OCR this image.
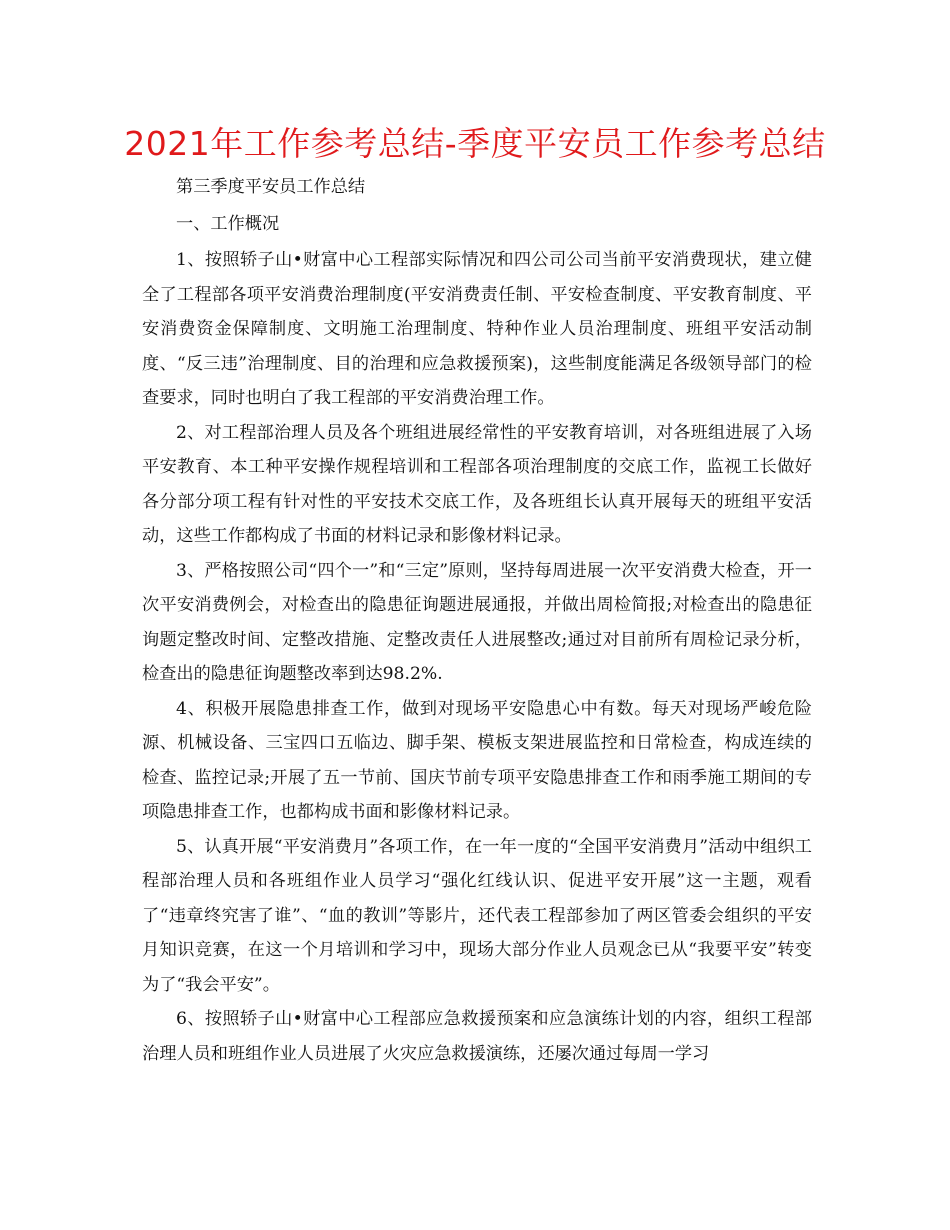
2021年工作参考总结-季度平安员工作参考总结

第三季度平安员工作总结

一、工作概况

1、按照轿子山•财富中心工程部实际情况和四公司公司当前平安消费现状，建立健全了工程部各项平安消费治理制度(平安消费责任制、平安检查制度、平安教育制度、平安消费资金保障制度、文明施工治理制度、特种作业人员治理制度、班组平安活动制度、“反三违”治理制度、目的治理和应急救援预案)，这些制度能满足各级领导部门的检查要求，同时也明白了我工程部的平安消费治理工作。

2、对工程部治理人员及各个班组进展经常性的平安教育培训，对各班组进展了入场平安教育、本工种平安操作规程培训和工程部各项治理制度的交底工作，监视工长做好各分部分项工程有针对性的平安技术交底工作，及各班组长认真开展每天的班组平安活动，这些工作都构成了书面的材料记录和影像材料记录。

3、严格按照公司“四个一”和“三定”原则，坚持每周进展一次平安消费大检查，开一次平安消费例会，对检查出的隐患征询题进展通报，并做出周检简报;对检查出的隐患征询题定整改时间、定整改措施、定整改责任人进展整改;通过对目前所有周检记录分析，检查出的隐患征询题整改率到达98.2%.

4、积极开展隐患排查工作，做到对现场平安隐患心中有数。每天对现场严峻危险源、机械设备、三宝四口五临边、脚手架、模板支架进展监控和日常检查，构成连续的检查、监控记录;开展了五一节前、国庆节前专项平安隐患排查工作和雨季施工期间的专项隐患排查工作，也都构成书面和影像材料记录。

5、认真开展“平安消费月”各项工作，在一年一度的“全国平安消费月”活动中组织工程部治理人员和各班组作业人员学习“强化红线认识、促进平安开展”这一主题，观看了“违章终究害了谁”、“血的教训”等影片，还代表工程部参加了两区管委会组织的平安月知识竞赛，在这一个月培训和学习中，现场大部分作业人员观念已从“我要平安”转变为了“我会平安”。

6、按照轿子山•财富中心工程部应急救援预案和应急演练计划的内容，组织工程部治理人员和班组作业人员进展了火灾应急救援演练，还屡次通过每周一学习
